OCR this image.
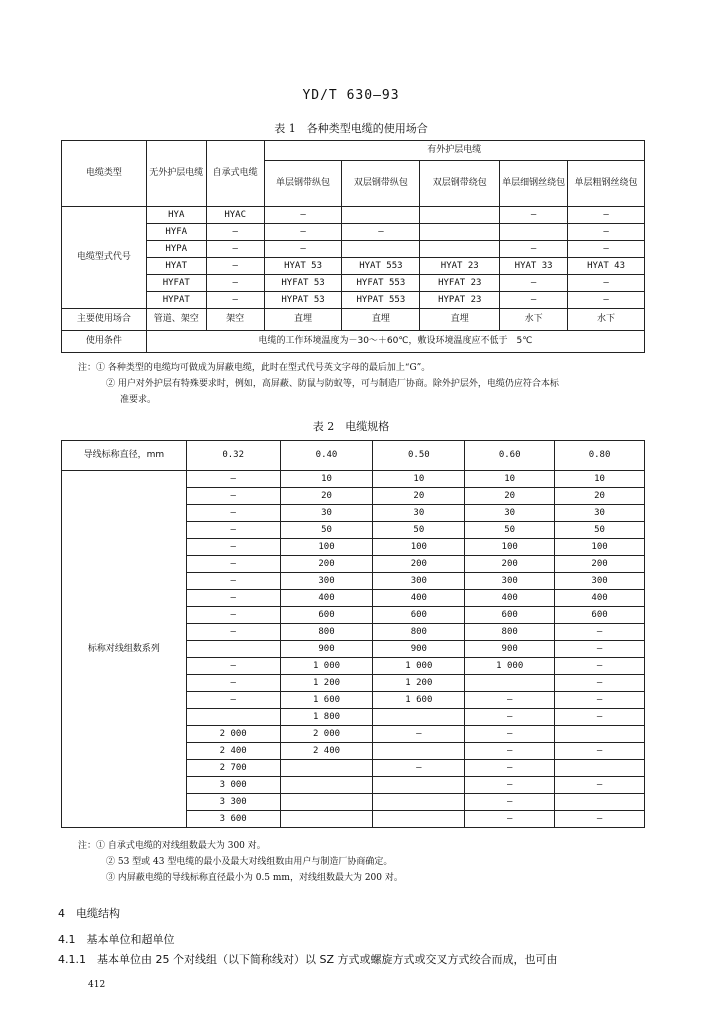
YD/T 630—93
表 1　各种类型电缆的使用场合
电缆类型	无外护层电缆	自承式电缆	有外护层电缆				
			单层钢带纵包	双层钢带纵包	双层钢带绕包	单层细钢丝绕包	单层粗钢丝绕包
电缆型式代号	HYA	HYAC	—			—	—
	HYFA	—	—	—			—
	HYPA	—	—			—	—
	HYAT	—	HYAT 53	HYAT 553	HYAT 23	HYAT 33	HYAT 43
	HYFAT	—	HYFAT 53	HYFAT 553	HYFAT 23	—	—
	HYPAT	—	HYPAT 53	HYPAT 553	HYPAT 23	—	—
主要使用场合	管道、架空	架空	直埋	直埋	直埋	水下	水下
使用条件	电缆的工作环境温度为－30～＋60℃，敷设环境温度应不低于　5℃						
注：① 各种类型的电缆均可做成为屏蔽电缆，此时在型式代号英文字母的最后加上“G”。
② 用户对外护层有特殊要求时，例如，高屏蔽、防鼠与防蚁等，可与制造厂协商。除外护层外，电缆仍应符合本标
准要求。
表 2　电缆规格
导线标称直径，mm	0.32	0.40	0.50	0.60	0.80
标称对线组数系列	—	10	10	10	10
	—	20	20	20	20
	—	30	30	30	30
	—	50	50	50	50
	—	100	100	100	100
	—	200	200	200	200
	—	300	300	300	300
	—	400	400	400	400
	—	600	600	600	600
	—	800	800	800	—
		900	900	900	—
	—	1 000	1 000	1 000	—
	—	1 200	1 200		—
	—	1 600	1 600	—	—
		1 800		—	—
	2 000	2 000	—	—	
	2 400	2 400		—	—
	2 700		—	—	
	3 000			—	—
	3 300			—	
	3 600			—	—
注：① 自承式电缆的对线组数最大为 300 对。
② 53 型或 43 型电缆的最小及最大对线组数由用户与制造厂协商确定。
③ 内屏蔽电缆的导线标称直径最小为 0.5 mm，对线组数最大为 200 对。
4　电缆结构
4.1　基本单位和超单位
4.1.1　基本单位由 25 个对线组（以下简称线对）以 SZ 方式或螺旋方式或交叉方式绞合而成，也可由
412
